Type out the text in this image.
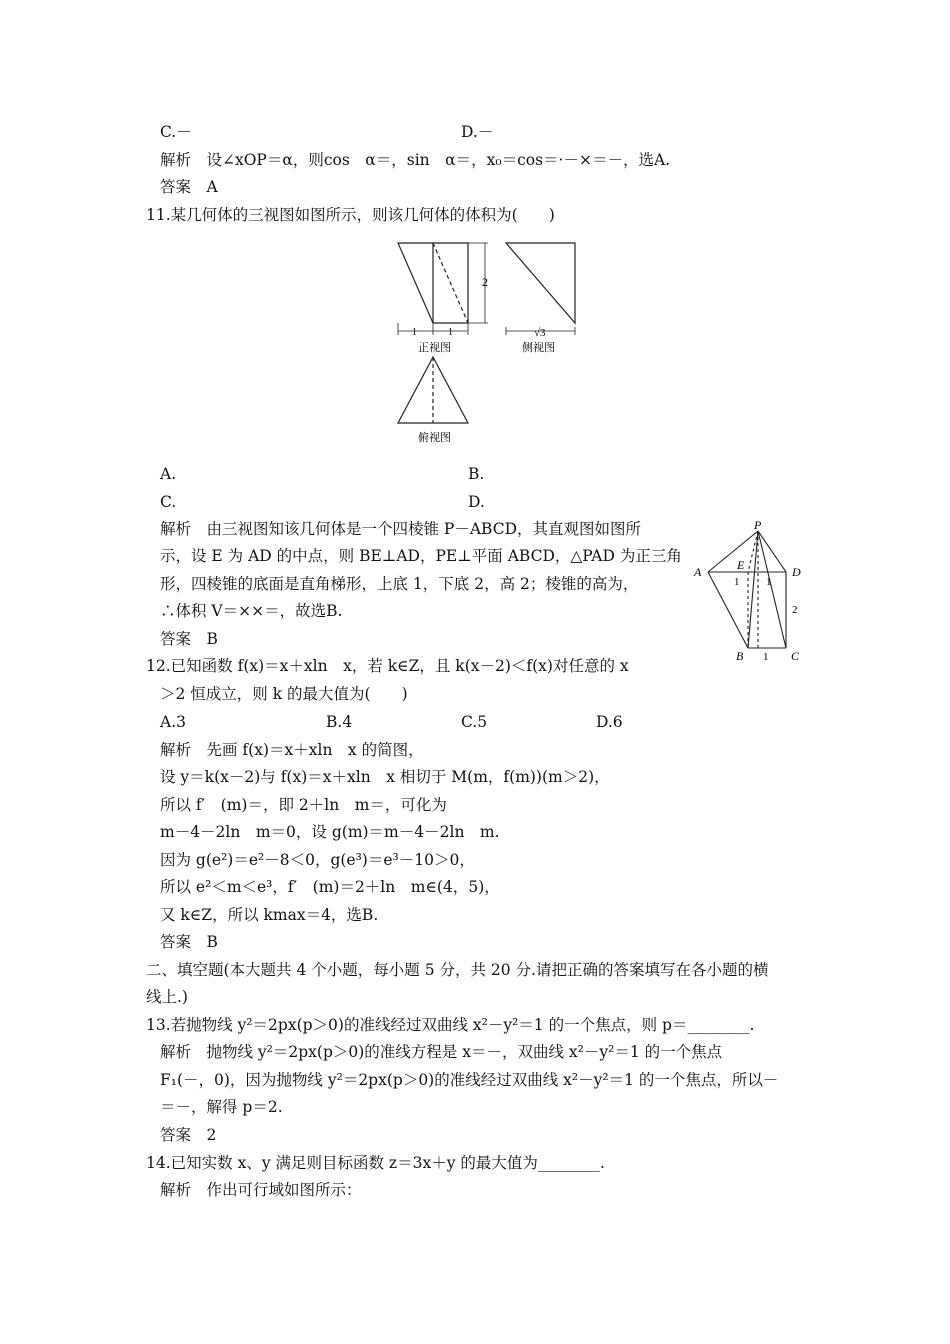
C.－	D.－
解析　设∠xOP＝α，则cos　α＝，sin　α＝，x₀＝cos＝·－×＝－，选A.
答案　A
11.某几何体的三视图如图所示，则该几何体的体积为(　　)
2
1	1
正视图
√3
侧视图
俯视图
A.	B.
C.	D.
解析　由三视图知该几何体是一个四棱锥 P－ABCD，其直观图如图所
示，设 E 为 AD 的中点，则 BE⊥AD，PE⊥平面 ABCD，△PAD 为正三角
形，四棱锥的底面是直角梯形，上底 1，下底 2，高 2；棱锥的高为，
∴体积 V＝××＝，故选B.
答案　B
P
A	E	D
B	C
1 1
2
1
12.已知函数 f(x)＝x＋xln　x，若 k∈Z，且 k(x－2)＜f(x)对任意的 x
＞2 恒成立，则 k 的最大值为(　　)
A.3	B.4	C.5	D.6
解析　先画 f(x)＝x＋xln　x 的简图，
设 y＝k(x－2)与 f(x)＝x＋xln　x 相切于 M(m，f(m))(m＞2)，
所以 f′　(m)＝，即 2＋ln　m＝，可化为
m－4－2ln　m＝0，设 g(m)＝m－4－2ln　m.
因为 g(e²)＝e²－8＜0，g(e³)＝e³－10＞0，
所以 e²＜m＜e³，f′　(m)＝2＋ln　m∈(4，5)，
又 k∈Z，所以 kmax＝4，选B.
答案　B
二、填空题(本大题共 4 个小题，每小题 5 分，共 20 分.请把正确的答案填写在各小题的横
线上.)
13.若抛物线 y²＝2px(p＞0)的准线经过双曲线 x²－y²＝1 的一个焦点，则 p＝________.
解析　抛物线 y²＝2px(p＞0)的准线方程是 x＝－，双曲线 x²－y²＝1 的一个焦点
F₁(－，0)，因为抛物线 y²＝2px(p＞0)的准线经过双曲线 x²－y²＝1 的一个焦点，所以－
＝－，解得 p＝2.
答案　2
14.已知实数 x、y 满足则目标函数 z＝3x＋y 的最大值为________.
解析　作出可行域如图所示：
